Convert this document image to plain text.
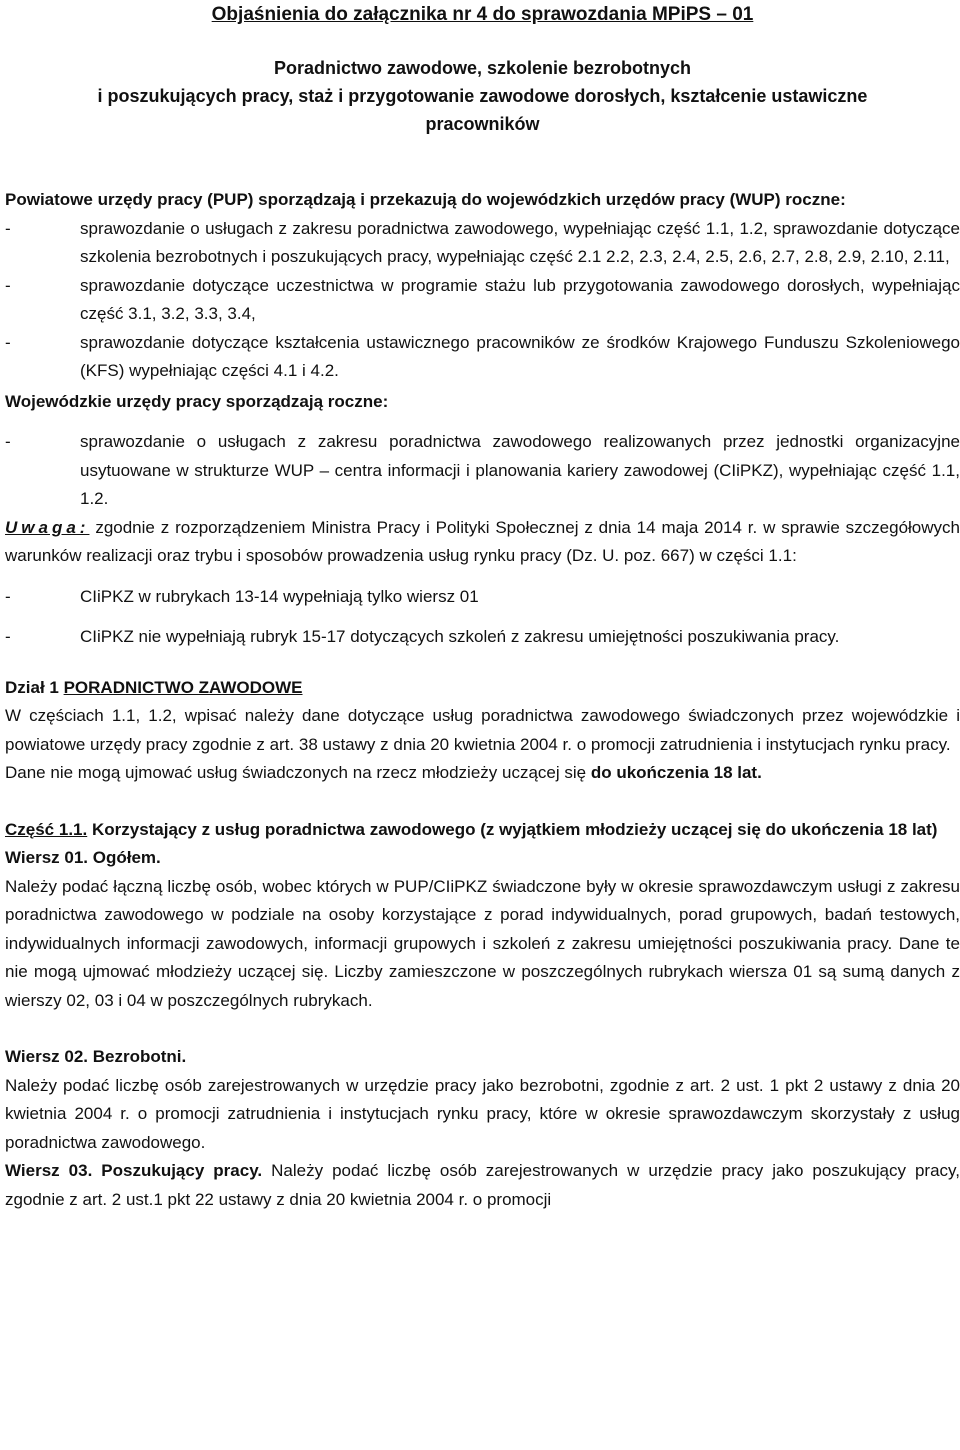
Objaśnienia do załącznika nr 4 do sprawozdania MPiPS – 01

Poradnictwo zawodowe, szkolenie bezrobotnych
i poszukujących pracy, staż i przygotowanie zawodowe dorosłych, kształcenie ustawiczne
pracowników

Powiatowe urzędy pracy (PUP) sporządzają i przekazują do wojewódzkich urzędów pracy (WUP) roczne:

-	sprawozdanie o usługach z zakresu poradnictwa zawodowego, wypełniając część 1.1, 1.2, sprawozdanie dotyczące szkolenia bezrobotnych i poszukujących pracy, wypełniając część 2.1 2.2, 2.3, 2.4, 2.5, 2.6, 2.7, 2.8, 2.9, 2.10, 2.11,
-	sprawozdanie dotyczące uczestnictwa w programie stażu lub przygotowania zawodowego dorosłych, wypełniając część 3.1, 3.2, 3.3, 3.4,
-	sprawozdanie dotyczące kształcenia ustawicznego pracowników ze środków Krajowego Funduszu Szkoleniowego (KFS) wypełniając części 4.1 i 4.2.

Wojewódzkie urzędy pracy sporządzają roczne:

-	sprawozdanie o usługach z zakresu poradnictwa zawodowego realizowanych przez jednostki organizacyjne usytuowane w strukturze WUP – centra informacji i planowania kariery zawodowej (CIiPKZ), wypełniając część 1.1, 1.2.

Uwaga: zgodnie z rozporządzeniem Ministra Pracy i Polityki Społecznej z dnia 14 maja 2014 r. w sprawie szczegółowych warunków realizacji oraz trybu i sposobów prowadzenia usług rynku pracy (Dz. U. poz. 667) w części 1.1:

-	CIiPKZ w rubrykach 13-14 wypełniają tylko wiersz 01
-	CIiPKZ nie wypełniają rubryk 15-17 dotyczących szkoleń z zakresu umiejętności poszukiwania pracy.

Dział 1 PORADNICTWO ZAWODOWE

W częściach 1.1, 1.2, wpisać należy dane dotyczące usług poradnictwa zawodowego świadczonych przez wojewódzkie i powiatowe urzędy pracy zgodnie z art. 38 ustawy z dnia 20 kwietnia 2004 r. o promocji zatrudnienia i instytucjach rynku pracy.

Dane nie mogą ujmować usług świadczonych na rzecz młodzieży uczącej się do ukończenia 18 lat.

Część 1.1. Korzystający z usług poradnictwa zawodowego (z wyjątkiem młodzieży uczącej się do ukończenia 18 lat)

Wiersz 01. Ogółem.

Należy podać łączną liczbę osób, wobec których w PUP/CIiPKZ świadczone były w okresie sprawozdawczym usługi z zakresu poradnictwa zawodowego w podziale na osoby korzystające z porad indywidualnych, porad grupowych, badań testowych, indywidualnych informacji zawodowych, informacji grupowych i szkoleń z zakresu umiejętności poszukiwania pracy. Dane te nie mogą ujmować młodzieży uczącej się. Liczby zamieszczone w poszczególnych rubrykach wiersza 01 są sumą danych z wierszy 02, 03 i 04 w poszczególnych rubrykach.

Wiersz 02. Bezrobotni.

Należy podać liczbę osób zarejestrowanych w urzędzie pracy jako bezrobotni, zgodnie z art. 2 ust. 1 pkt 2 ustawy z dnia 20 kwietnia 2004 r. o promocji zatrudnienia i instytucjach rynku pracy, które w okresie sprawozdawczym skorzystały z usług poradnictwa zawodowego.

Wiersz 03. Poszukujący pracy. Należy podać liczbę osób zarejestrowanych w urzędzie pracy jako poszukujący pracy, zgodnie z art. 2 ust.1 pkt 22 ustawy z dnia 20 kwietnia 2004 r. o promocji
